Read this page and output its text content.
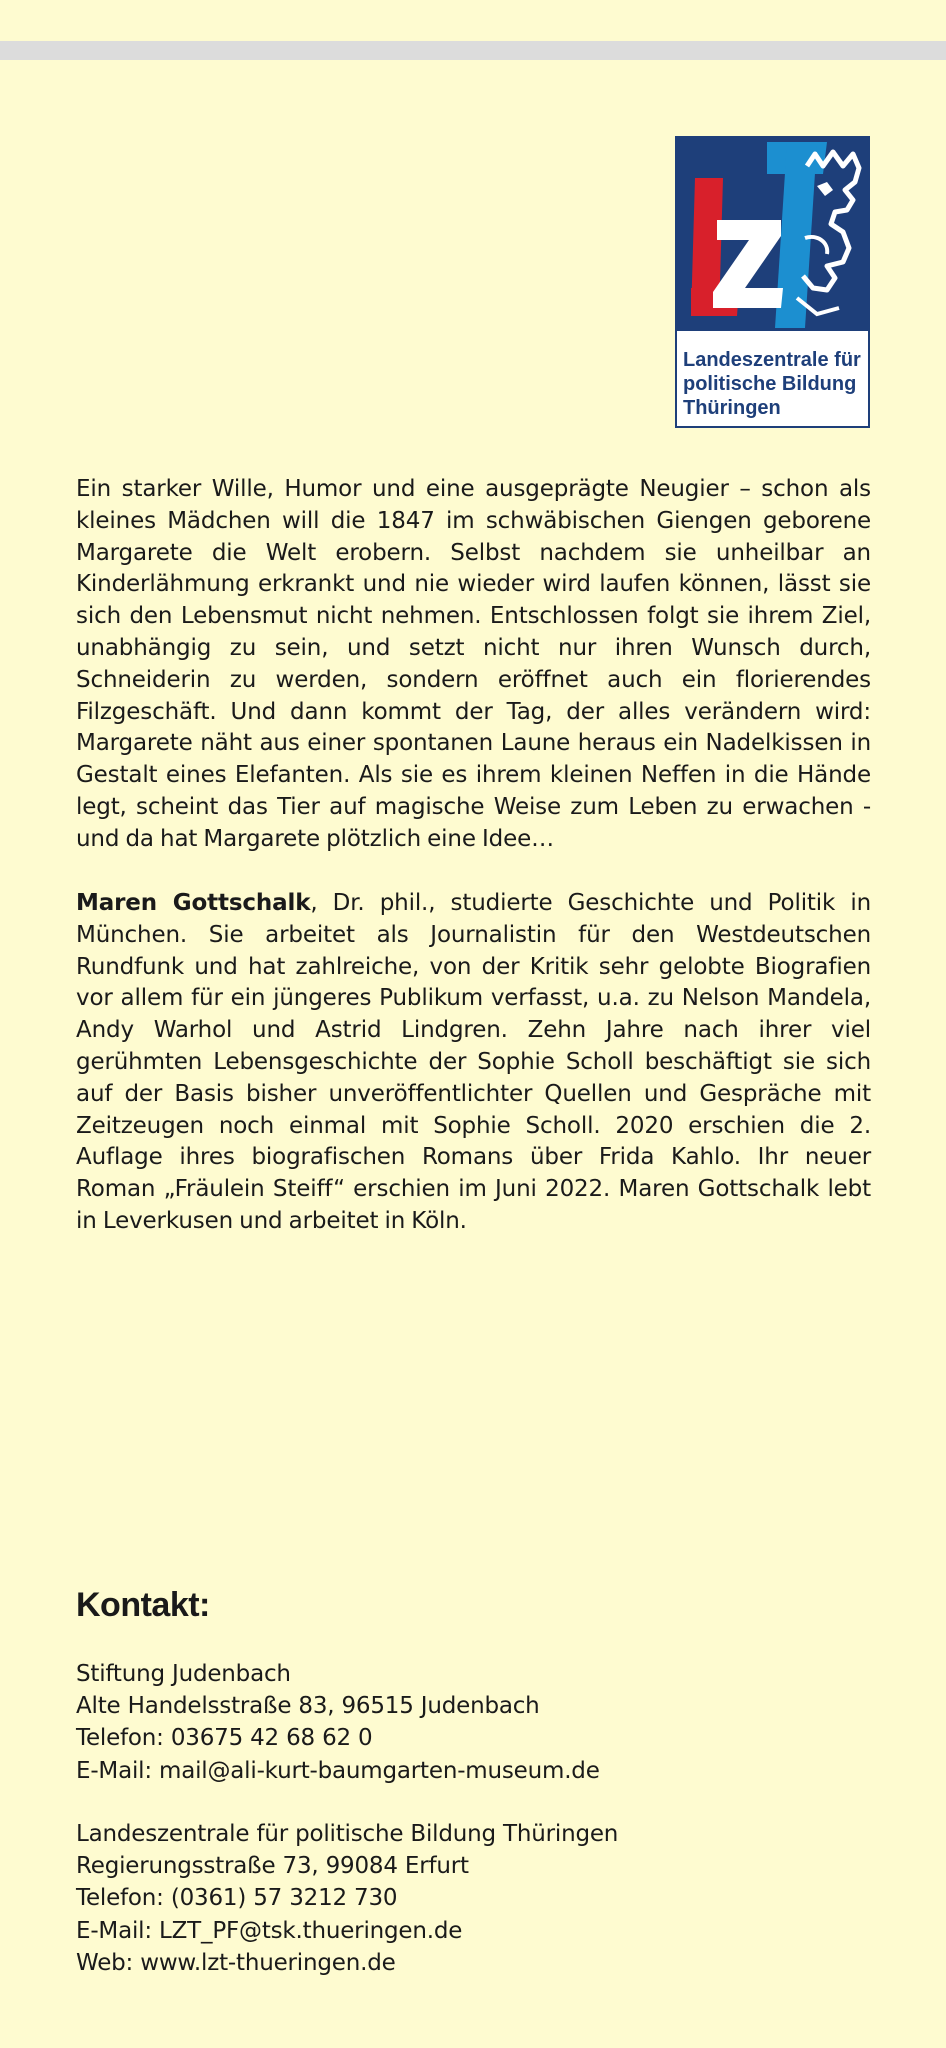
Landeszentrale für
politische Bildung
Thüringen

Ein starker Wille, Humor und eine ausgeprägte Neugier – schon als kleines Mädchen will die 1847 im schwäbischen Giengen geborene Margarete die Welt erobern. Selbst nachdem sie unheilbar an Kinderlähmung erkrankt und nie wieder wird laufen können, lässt sie sich den Lebensmut nicht nehmen. Entschlossen folgt sie ihrem Ziel, unabhängig zu sein, und setzt nicht nur ihren Wunsch durch, Schneiderin zu werden, sondern eröffnet auch ein florierendes Filzgeschäft. Und dann kommt der Tag, der alles verändern wird: Margarete näht aus einer spontanen Laune heraus ein Nadelkissen in Gestalt eines Elefanten. Als sie es ihrem kleinen Neffen in die Hände legt, scheint das Tier auf magische Weise zum Leben zu erwachen - und da hat Margarete plötzlich eine Idee…

Maren Gottschalk, Dr. phil., studierte Geschichte und Politik in München. Sie arbeitet als Journalistin für den Westdeutschen Rundfunk und hat zahlreiche, von der Kritik sehr gelobte Biografien vor allem für ein jüngeres Publikum verfasst, u.a. zu Nelson Mandela, Andy Warhol und Astrid Lindgren. Zehn Jahre nach ihrer viel gerühmten Lebensgeschichte der Sophie Scholl beschäftigt sie sich auf der Basis bisher unveröffentlichter Quellen und Gespräche mit Zeitzeugen noch einmal mit Sophie Scholl. 2020 erschien die 2. Auflage ihres biografischen Romans über Frida Kahlo. Ihr neuer Roman „Fräulein Steiff“ erschien im Juni 2022. Maren Gottschalk lebt in Leverkusen und arbeitet in Köln.

Kontakt:
Stiftung Judenbach
Alte Handelsstraße 83, 96515 Judenbach
Telefon: 03675 42 68 62 0
E-Mail: mail@ali-kurt-baumgarten-museum.de
Landeszentrale für politische Bildung Thüringen
Regierungsstraße 73, 99084 Erfurt
Telefon: (0361) 57 3212 730
E-Mail: LZT_PF@tsk.thueringen.de
Web: www.lzt-thueringen.de
